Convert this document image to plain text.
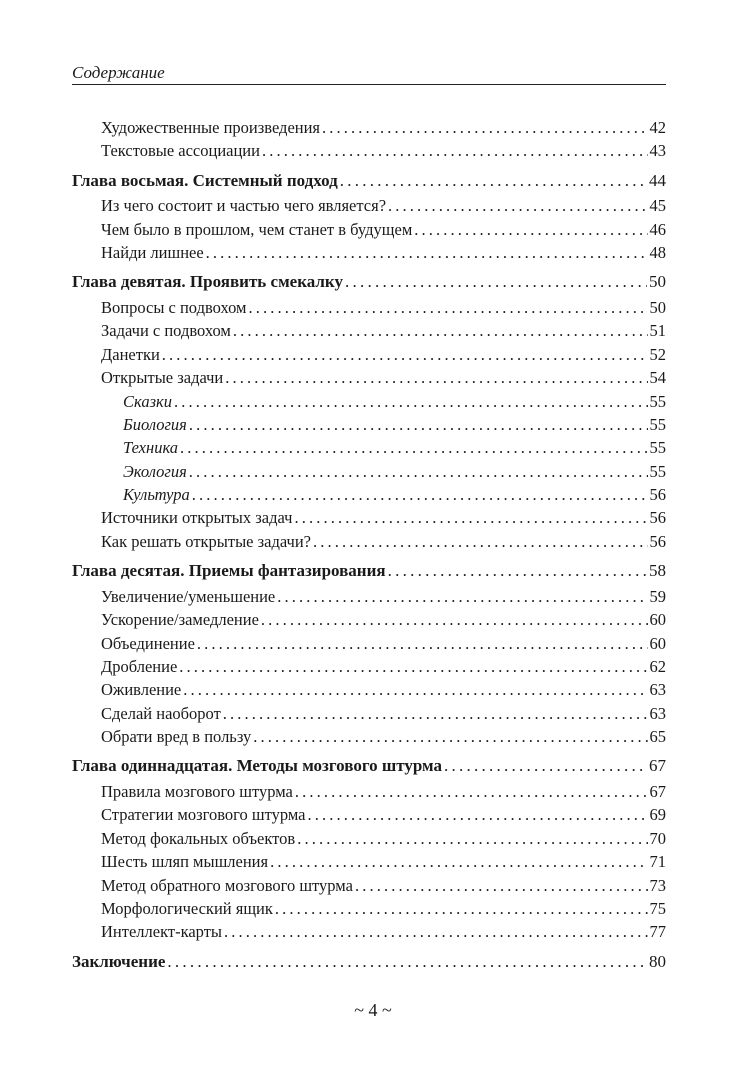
Содержание
Художественные произведения . . .	42
Текстовые ассоциации . . .	43
Глава восьмая. Системный подход . . .	44
Из чего состоит и частью чего является? . . .	45
Чем было в прошлом, чем станет в будущем . . .	46
Найди лишнее . . .	48
Глава девятая. Проявить смекалку . . .	50
Вопросы с подвохом . . .	50
Задачи с подвохом . . .	51
Данетки . . .	52
Открытые задачи . . .	54
Сказки . . .	55
Биология . . .	55
Техника . . .	55
Экология . . .	55
Культура . . .	56
Источники открытых задач . . .	56
Как решать открытые задачи? . . .	56
Глава десятая. Приемы фантазирования . . .	58
Увеличение/уменьшение . . .	59
Ускорение/замедление . . .	60
Объединение . . .	60
Дробление . . .	62
Оживление . . .	63
Сделай наоборот . . .	63
Обрати вред в пользу . . .	65
Глава одиннадцатая. Методы мозгового штурма . . .	67
Правила мозгового штурма . . .	67
Стратегии мозгового штурма . . .	69
Метод фокальных объектов . . .	70
Шесть шляп мышления . . .	71
Метод обратного мозгового штурма . . .	73
Морфологический ящик . . .	75
Интеллект-карты . . .	77
Заключение . . .	80
~ 4 ~
